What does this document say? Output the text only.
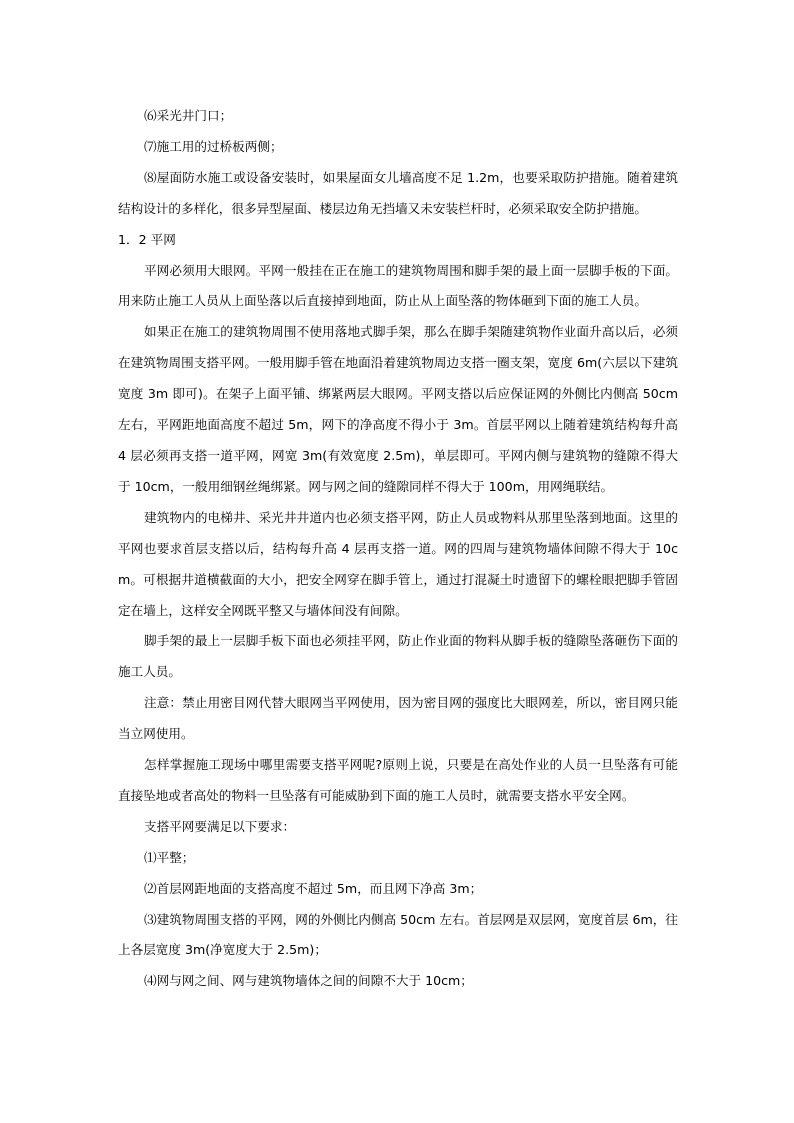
⑹采光井门口；

⑺施工用的过桥板两侧；

⑻屋面防水施工或设备安装时，如果屋面女儿墙高度不足 1.2m，也要采取防护措施。随着建筑结构设计的多样化，很多异型屋面、楼层边角无挡墙又未安装栏杆时，必须采取安全防护措施。

1．2 平网

平网必须用大眼网。平网一般挂在正在施工的建筑物周围和脚手架的最上面一层脚手板的下面。用来防止施工人员从上面坠落以后直接掉到地面，防止从上面坠落的物体砸到下面的施工人员。

如果正在施工的建筑物周围不使用落地式脚手架，那么在脚手架随建筑物作业面升高以后，必须在建筑物周围支搭平网。一般用脚手管在地面沿着建筑物周边支搭一圈支架，宽度 6m(六层以下建筑宽度 3m 即可)。在架子上面平铺、绑紧两层大眼网。平网支搭以后应保证网的外侧比内侧高 50cm 左右，平网距地面高度不超过 5m，网下的净高度不得小于 3m。首层平网以上随着建筑结构每升高 4 层必须再支搭一道平网，网宽 3m(有效宽度 2.5m)，单层即可。平网内侧与建筑物的缝隙不得大于 10cm，一般用细钢丝绳绑紧。网与网之间的缝隙同样不得大于 100m，用网绳联结。

建筑物内的电梯井、采光井井道内也必须支搭平网，防止人员或物料从那里坠落到地面。这里的平网也要求首层支搭以后，结构每升高 4 层再支搭一道。网的四周与建筑物墙体间隙不得大于 10cm。可根据井道横截面的大小，把安全网穿在脚手管上，通过打混凝土时遗留下的螺栓眼把脚手管固定在墙上，这样安全网既平整又与墙体间没有间隙。

脚手架的最上一层脚手板下面也必须挂平网，防止作业面的物料从脚手板的缝隙坠落砸伤下面的施工人员。

注意：禁止用密目网代替大眼网当平网使用，因为密目网的强度比大眼网差，所以，密目网只能当立网使用。

怎样掌握施工现场中哪里需要支搭平网呢?原则上说，只要是在高处作业的人员一旦坠落有可能直接坠地或者高处的物料一旦坠落有可能威胁到下面的施工人员时，就需要支搭水平安全网。

支搭平网要满足以下要求：

⑴平整；

⑵首层网距地面的支搭高度不超过 5m，而且网下净高 3m；

⑶建筑物周围支搭的平网，网的外侧比内侧高 50cm 左右。首层网是双层网，宽度首层 6m，往上各层宽度 3m(净宽度大于 2.5m)；

⑷网与网之间、网与建筑物墙体之间的间隙不大于 10cm；
